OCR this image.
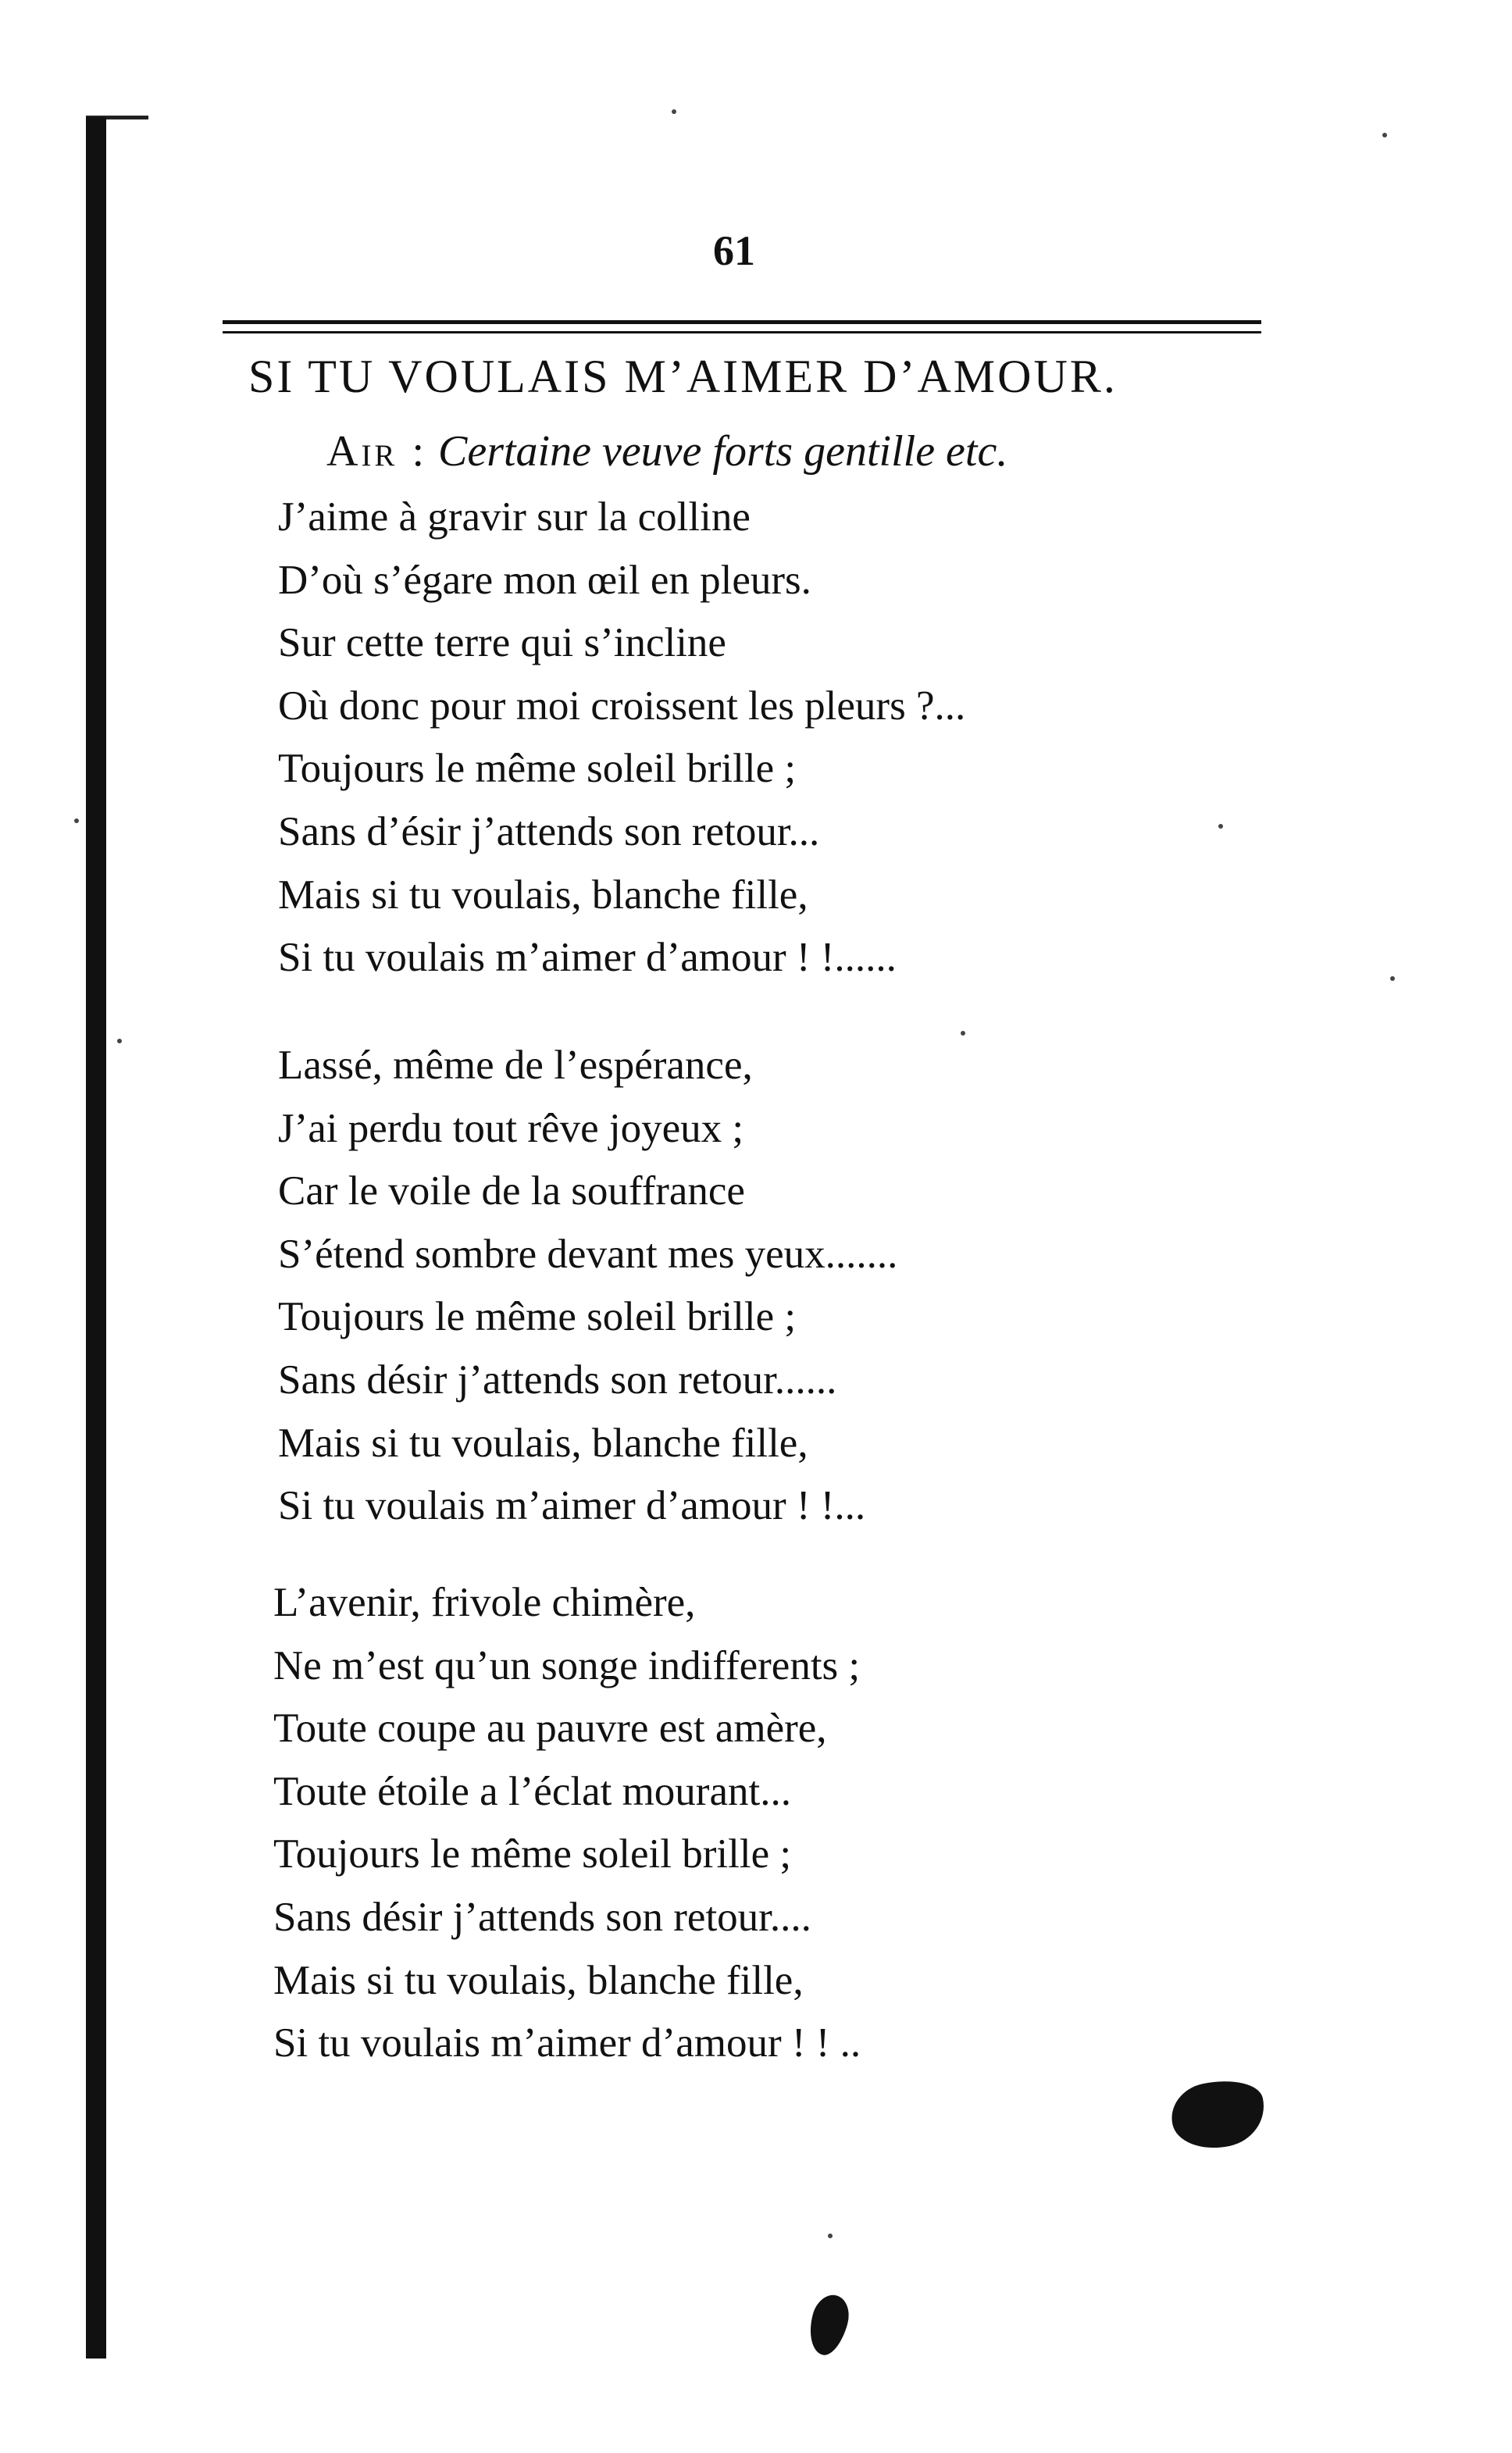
61
SI TU VOULAIS M’AIMER D’AMOUR.
Air : Certaine veuve forts gentille etc.
J’aime à gravir sur la colline
D’où s’égare mon œil en pleurs.
Sur cette terre qui s’incline
Où donc pour moi croissent les pleurs ?...
Toujours le même soleil brille ;
Sans d’ésir j’attends son retour...
Mais si tu voulais, blanche fille,
Si tu voulais m’aimer d’amour ! !......
Lassé, même de l’espérance,
J’ai perdu tout rêve joyeux ;
Car le voile de la souffrance
S’étend sombre devant mes yeux.......
Toujours le même soleil brille ;
Sans désir j’attends son retour......
Mais si tu voulais, blanche fille,
Si tu voulais m’aimer d’amour ! !...
L’avenir, frivole chimère,
Ne m’est qu’un songe indifferents ;
Toute coupe au pauvre est amère,
Toute étoile a l’éclat mourant...
Toujours le même soleil brille ;
Sans désir j’attends son retour....
Mais si tu voulais, blanche fille,
Si tu voulais m’aimer d’amour ! ! ..
